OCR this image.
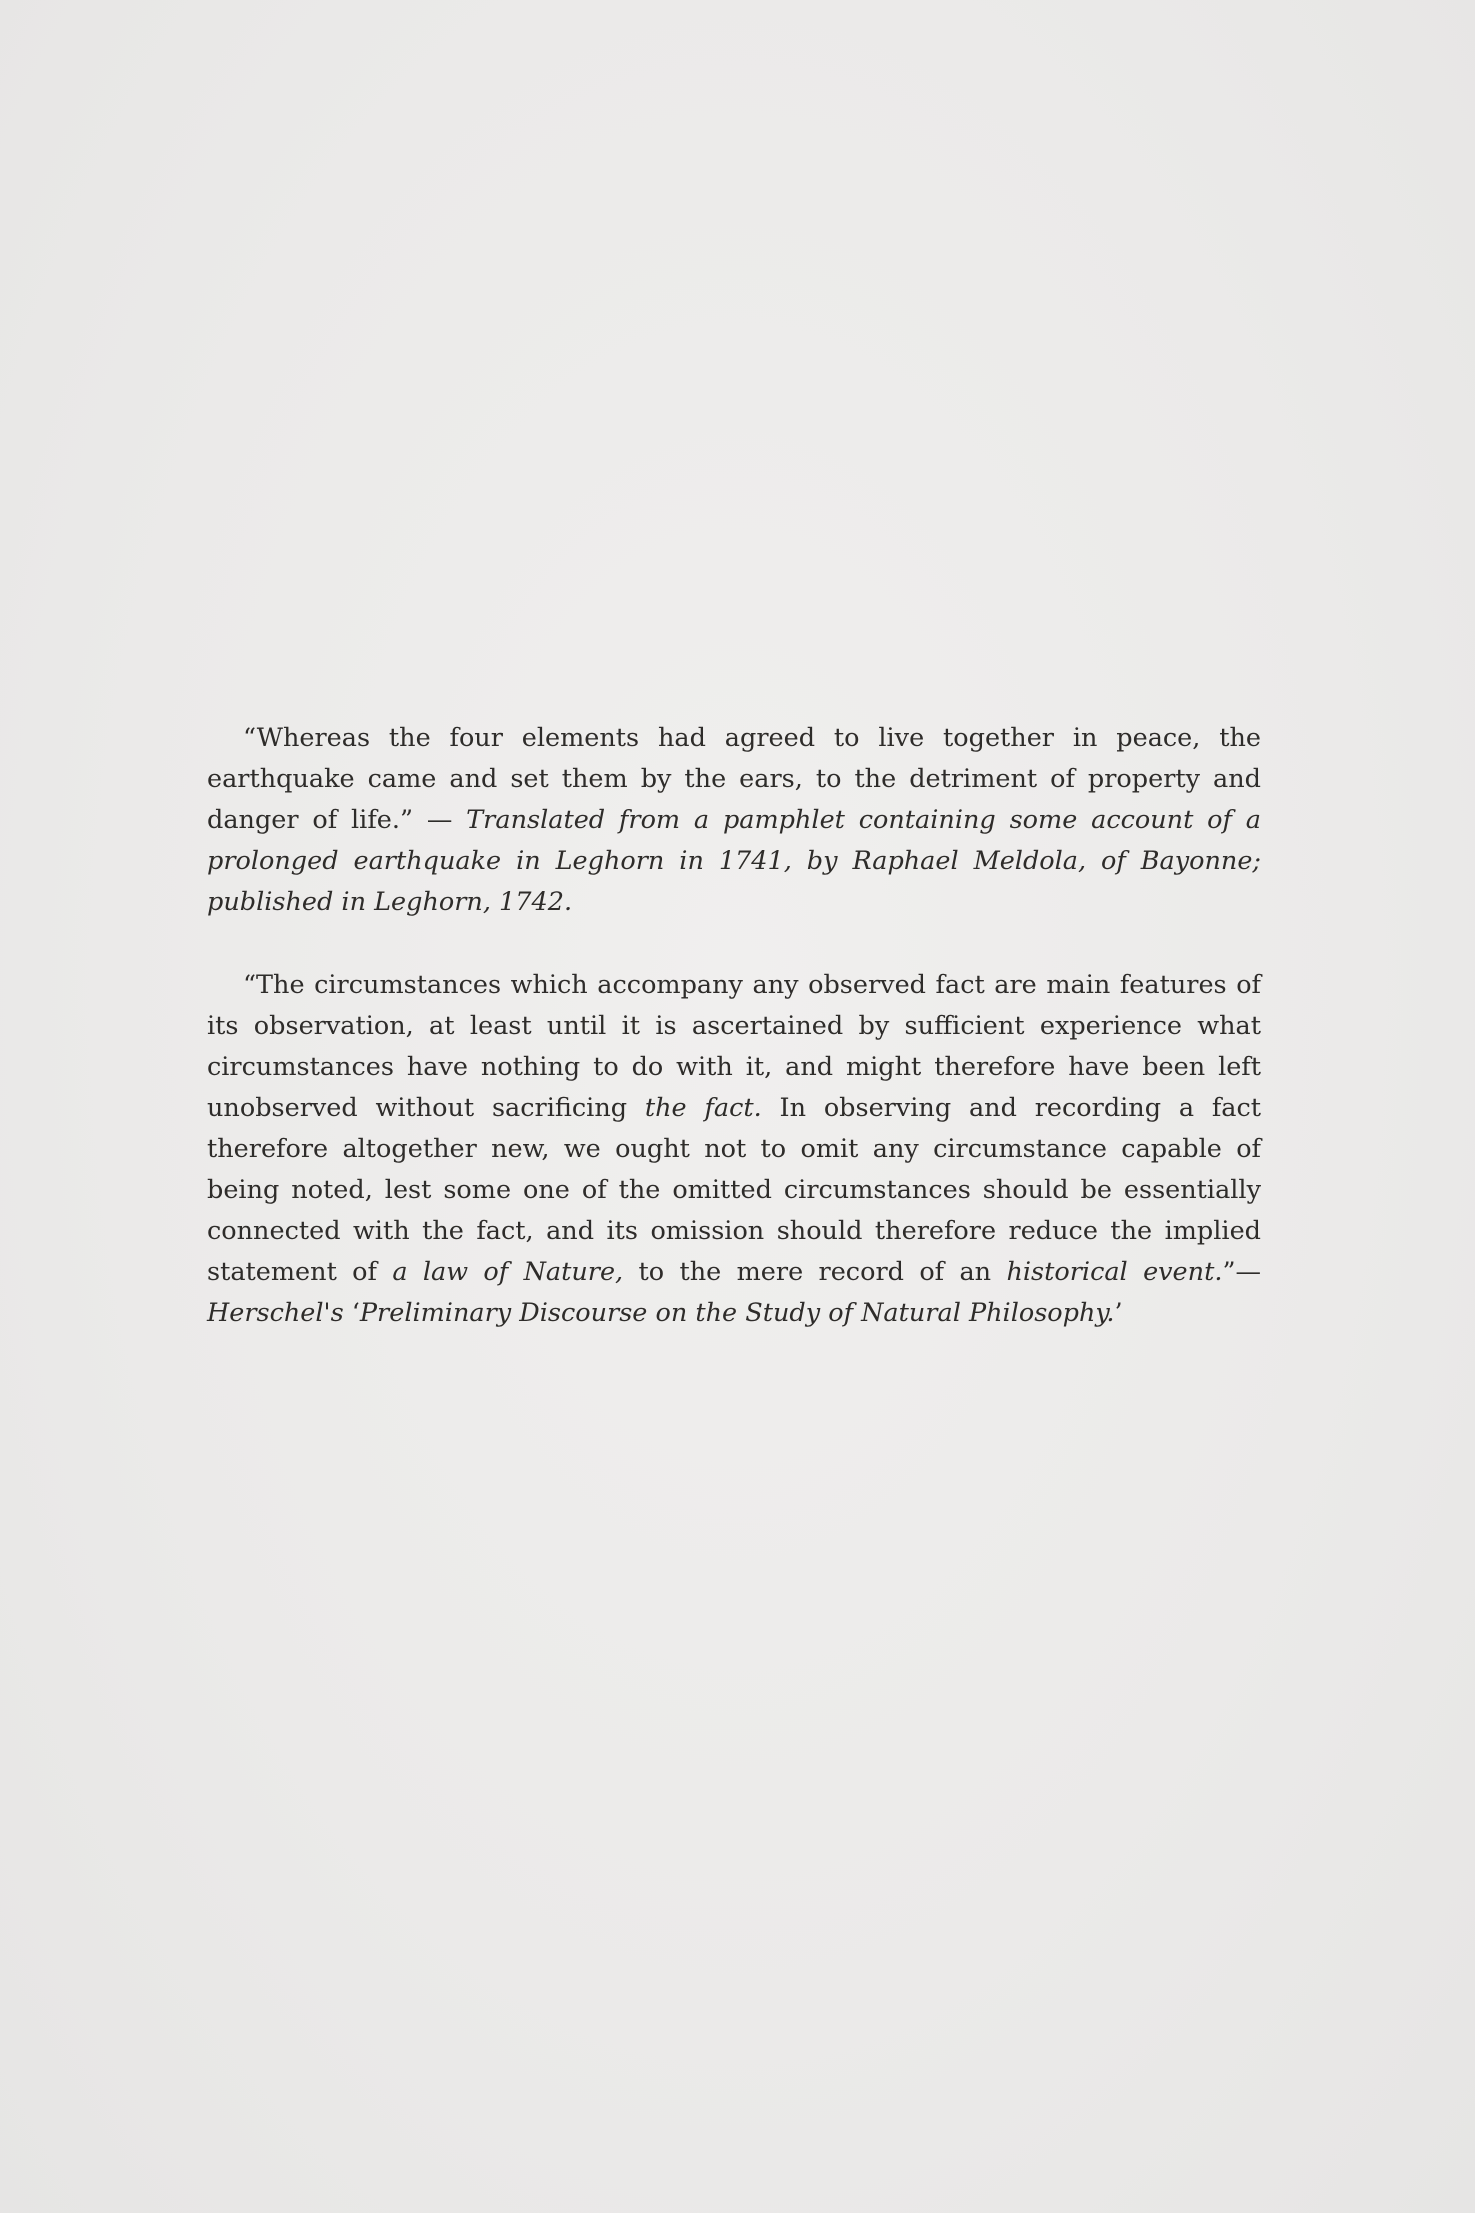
“Whereas the four elements had agreed to live together in peace, the earthquake came and set them by the ears, to the detriment of property and danger of life.” — Translated from a pamphlet containing some account of a prolonged earthquake in Leghorn in 1741, by Raphael Meldola, of Bayonne; published in Leghorn, 1742.

“The circumstances which accompany any observed fact are main features of its observation, at least until it is ascertained by sufficient experience what circumstances have nothing to do with it, and might therefore have been left unobserved without sacrificing the fact. In observing and recording a fact therefore altogether new, we ought not to omit any circumstance capable of being noted, lest some one of the omitted circumstances should be essentially connected with the fact, and its omission should therefore reduce the implied statement of a law of Nature, to the mere record of an historical event.”—Herschel's ‘Preliminary Discourse on the Study of Natural Philosophy.’
